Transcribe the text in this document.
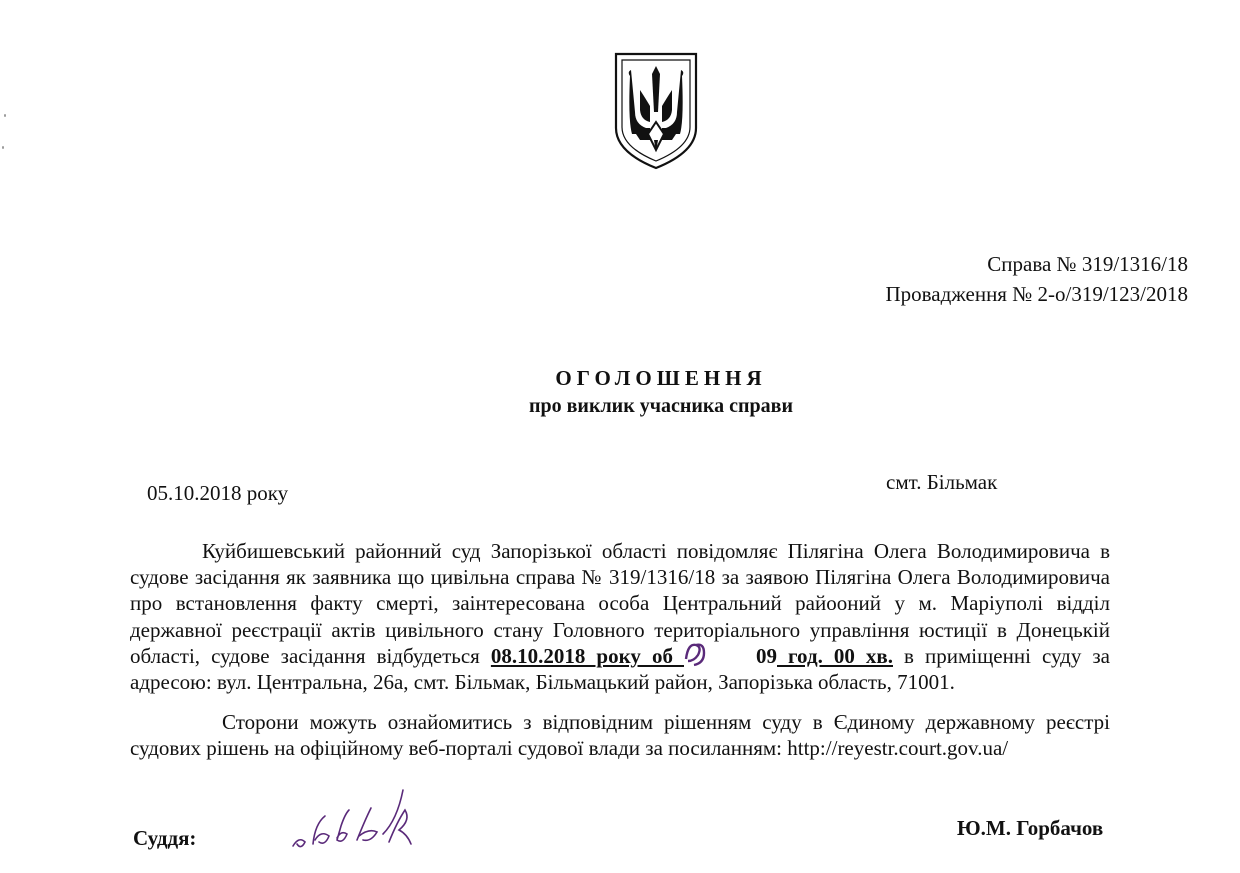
Справа № 319/1316/18
Провадження № 2-о/319/123/2018
ОГОЛОШЕННЯ
про виклик учасника справи
05.10.2018 року	смт. Більмак

Куйбишевський районний суд Запорізької області повідомляє Пілягіна Олега Володимировича в судове засідання як заявника що цивільна справа № 319/1316/18 за заявою Пілягіна Олега Володимировича про встановлення факту смерті, заінтересована особа Центральний райооний у м. Маріуполі відділ державної реєстрації актів цивільного стану Головного територіального управління юстиції в Донецькій області, судове засідання відбудеться 08.10.2018 року об	09
год. 00 хв. в приміщенні суду за адресою: вул. Центральна, 26а, смт. Більмак, Більмацький район, Запорізька область, 71001.

Сторони можуть ознайомитись з відповідним рішенням суду в Єдиному державному реєстрі судових рішень на офіційному веб-порталі судової влади за посиланням: http://reyestr.court.gov.ua/

Суддя:	Ю.М. Горбачов
